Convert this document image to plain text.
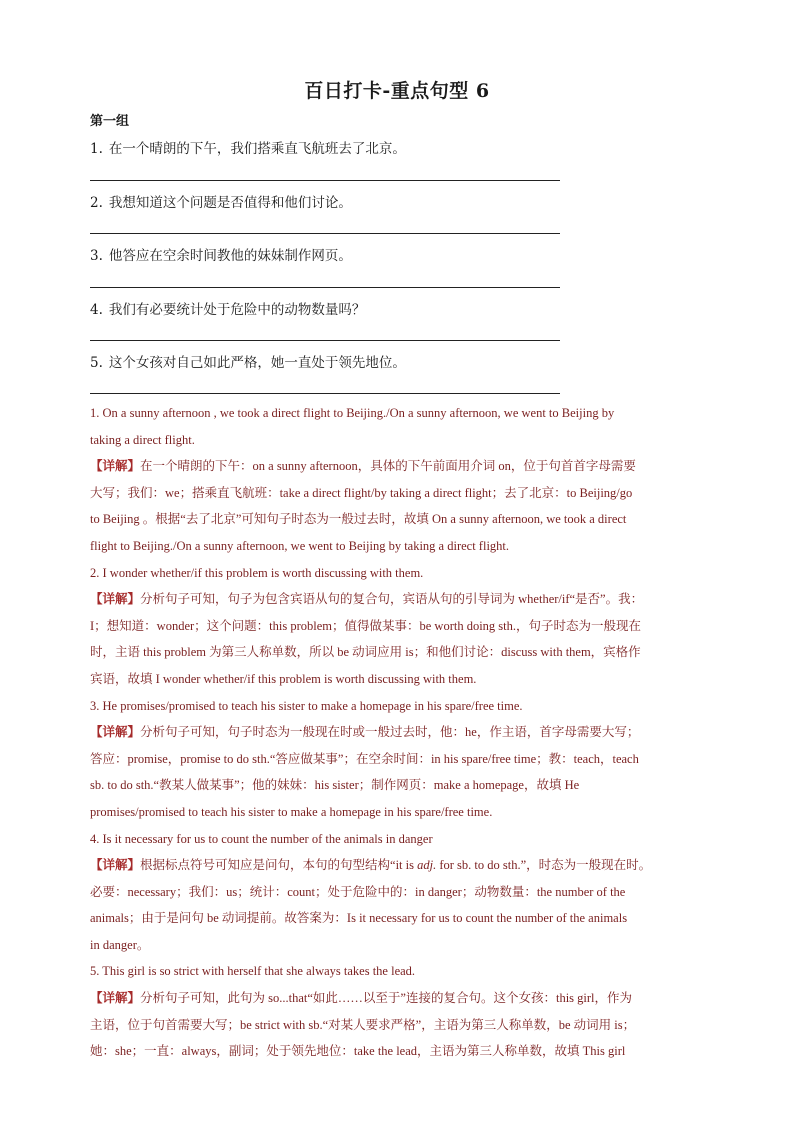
百日打卡-重点句型 6
第一组
1. 在一个晴朗的下午，我们搭乘直飞航班去了北京。
2. 我想知道这个问题是否值得和他们讨论。
3. 他答应在空余时间教他的妹妹制作网页。
4. 我们有必要统计处于危险中的动物数量吗？
5. 这个女孩对自己如此严格，她一直处于领先地位。

1. On a sunny afternoon , we took a direct flight to Beijing./On a sunny afternoon, we went to Beijing by

taking a direct flight.

【详解】在一个晴朗的下午：on a sunny afternoon，具体的下午前面用介词 on，位于句首首字母需要

大写；我们：we；搭乘直飞航班：take a direct flight/by taking a direct flight；去了北京：to Beijing/go

to Beijing 。根据“去了北京”可知句子时态为一般过去时，故填 On a sunny afternoon, we took a direct

flight to Beijing./On a sunny afternoon, we went to Beijing by taking a direct flight.

2. I wonder whether/if this problem is worth discussing with them.

【详解】分析句子可知，句子为包含宾语从句的复合句，宾语从句的引导词为 whether/if“是否”。我：

I；想知道：wonder；这个问题：this problem；值得做某事：be worth doing sth.，句子时态为一般现在

时，主语 this problem 为第三人称单数，所以 be 动词应用 is；和他们讨论：discuss with them，宾格作

宾语，故填 I wonder whether/if this problem is worth discussing with them.

3. He promises/promised to teach his sister to make a homepage in his spare/free time.

【详解】分析句子可知，句子时态为一般现在时或一般过去时，他：he，作主语，首字母需要大写；

答应：promise，promise to do sth.“答应做某事”；在空余时间：in his spare/free time；教：teach，teach

sb. to do sth.“教某人做某事”；他的妹妹：his sister；制作网页：make a homepage，故填 He

promises/promised to teach his sister to make a homepage in his spare/free time.

4. Is it necessary for us to count the number of the animals in danger

【详解】根据标点符号可知应是问句，本句的句型结构“it is adj. for sb. to do sth.”，时态为一般现在时。

必要：necessary；我们：us；统计：count；处于危险中的：in danger；动物数量：the number of the

animals；由于是问句 be 动词提前。故答案为：Is it necessary for us to count the number of the animals

in danger。

5. This girl is so strict with herself that she always takes the lead.

【详解】分析句子可知，此句为 so...that“如此……以至于”连接的复合句。这个女孩：this girl，作为

主语，位于句首需要大写；be strict with sb.“对某人要求严格”，主语为第三人称单数，be 动词用 is；

她：she；一直：always，副词；处于领先地位：take the lead，主语为第三人称单数，故填 This girl
